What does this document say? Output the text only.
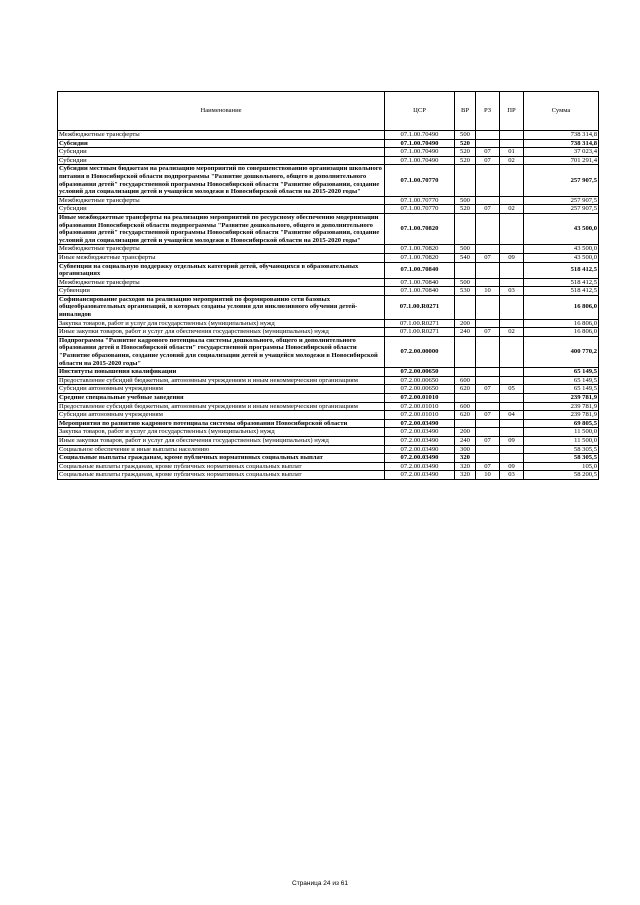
Наименование	ЦСР	ВР	РЗ	ПР	Сумма
Межбюджетные трансферты	07.1.00.70490	500			738 314,8
Субсидии	07.1.00.70490	520			738 314,8
Субсидии	07.1.00.70490	520	07	01	37 023,4
Субсидии	07.1.00.70490	520	07	02	701 291,4
Субсидии местным бюджетам на реализацию мероприятий по совершенствованию организации школьного питания в Новосибирской области подпрограммы "Развитие дошкольного, общего и дополнительного образования детей" государственной программы Новосибирской области "Развитие образования, создание условий для социализации детей и учащейся молодежи в Новосибирской области на 2015-2020 годы"	07.1.00.70770				257 907,5
Межбюджетные трансферты	07.1.00.70770	500			257 907,5
Субсидии	07.1.00.70770	520	07	02	257 907,5
Иные межбюджетные трансферты на реализацию мероприятий по ресурсному обеспечению модернизации образования Новосибирской области подпрограммы "Развитие дошкольного, общего и дополнительного образования детей" государственной программы Новосибирской области "Развитие образования, создание условий для социализации детей и учащейся молодежи в Новосибирской области на 2015-2020 годы"	07.1.00.70820				43 500,0
Межбюджетные трансферты	07.1.00.70820	500			43 500,0
Иные межбюджетные трансферты	07.1.00.70820	540	07	09	43 500,0
Субвенции на социальную поддержку отдельных категорий детей, обучающихся в образовательных организациях	07.1.00.70840				518 412,5
Межбюджетные трансферты	07.1.00.70840	500			518 412,5
Субвенции	07.1.00.70840	530	10	03	518 412,5
Софинансирование расходов на реализацию мероприятий по формированию сети базовых общеобразовательных организаций, в которых созданы условия для инклюзивного обучения детей-инвалидов	07.1.00.R0271				16 806,0
Закупка товаров, работ и услуг для государственных (муниципальных) нужд	07.1.00.R0271	200			16 806,0
Иные закупки товаров, работ и услуг для обеспечения государственных (муниципальных) нужд	07.1.00.R0271	240	07	02	16 806,0
Подпрограмма "Развитие кадрового потенциала системы дошкольного, общего и дополнительного образования детей в Новосибирской области" государственной программы Новосибирской области "Развитие образования, создание условий для социализации детей и учащейся молодежи в Новосибирской области на 2015-2020 годы"	07.2.00.00000				400 770,2
Институты повышения квалификации	07.2.00.00650				65 149,5
Предоставление субсидий бюджетным, автономным учреждениям и иным некоммерческим организациям	07.2.00.00650	600			65 149,5
Субсидии автономным учреждениям	07.2.00.00650	620	07	05	65 149,5
Средние специальные учебные заведения	07.2.00.01010				239 781,9
Предоставление субсидий бюджетным, автономным учреждениям и иным некоммерческим организациям	07.2.00.01010	600			239 781,9
Субсидии автономным учреждениям	07.2.00.01010	620	07	04	239 781,9
Мероприятия по развитию кадрового потенциала системы образования Новосибирской области	07.2.00.03490				69 805,5
Закупка товаров, работ и услуг для государственных (муниципальных) нужд	07.2.00.03490	200			11 500,0
Иные закупки товаров, работ и услуг для обеспечения государственных (муниципальных) нужд	07.2.00.03490	240	07	09	11 500,0
Социальное обеспечение и иные выплаты населению	07.2.00.03490	300			58 305,5
Социальные выплаты гражданам, кроме публичных нормативных социальных выплат	07.2.00.03490	320			58 305,5
Социальные выплаты гражданам, кроме публичных нормативных социальных выплат	07.2.00.03490	320	07	09	105,0
Социальные выплаты гражданам, кроме публичных нормативных социальных выплат	07.2.00.03490	320	10	03	58 200,5
Страница 24 из 61
